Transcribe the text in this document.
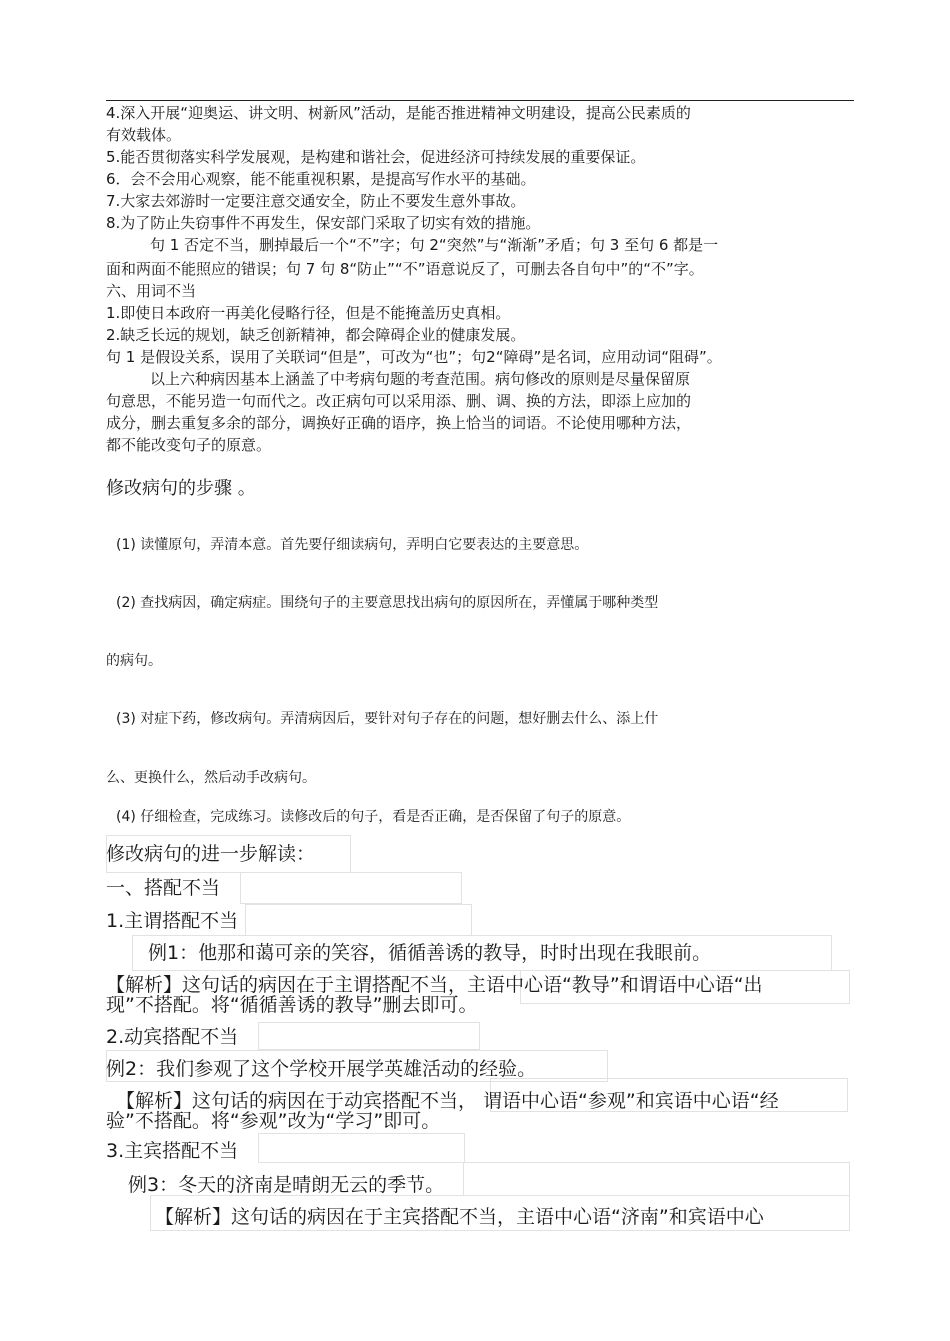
4.深入开展“迎奥运、讲文明、树新风”活动，是能否推进精神文明建设，提高公民素质的
有效载体。
5.能否贯彻落实科学发展观，是构建和谐社会，促进经济可持续发展的重要保证。
6．会不会用心观察，能不能重视积累，是提高写作水平的基础。
7.大家去郊游时一定要注意交通安全，防止不要发生意外事故。
8.为了防止失窃事件不再发生，保安部门采取了切实有效的措施。
句 1 否定不当，删掉最后一个“不”字；句 2“突然”与“渐渐”矛盾；句 3 至句 6 都是一
面和两面不能照应的错误；句 7 句 8“防止”“不”语意说反了，可删去各自句中”的“不”字。
六、用词不当
1.即使日本政府一再美化侵略行径，但是不能掩盖历史真相。
2.缺乏长远的规划，缺乏创新精神，都会障碍企业的健康发展。
句 1 是假设关系，误用了关联词“但是”，可改为“也”；句2“障碍”是名词，应用动词“阻碍”。
以上六种病因基本上涵盖了中考病句题的考查范围。病句修改的原则是尽量保留原
句意思，不能另造一句而代之。改正病句可以采用添、删、调、换的方法，即添上应加的
成分，删去重复多余的部分，调换好正确的语序，换上恰当的词语。不论使用哪种方法，
都不能改变句子的原意。
修改病句的步骤 。
(1) 读懂原句，弄清本意。首先要仔细读病句，弄明白它要表达的主要意思。
(2) 查找病因，确定病症。围绕句子的主要意思找出病句的原因所在，弄懂属于哪种类型
的病句。
(3) 对症下药，修改病句。弄清病因后，要针对句子存在的问题，想好删去什么、添上什
么、更换什么，然后动手改病句。
(4) 仔细检查，完成练习。读修改后的句子，看是否正确，是否保留了句子的原意。
修改病句的进一步解读：
一、搭配不当
1.主谓搭配不当
例1：他那和蔼可亲的笑容，循循善诱的教导，时时出现在我眼前。
【解析】这句话的病因在于主谓搭配不当，主语中心语“教导”和谓语中心语“出
现”不搭配。将“循循善诱的教导”删去即可。
2.动宾搭配不当
例2：我们参观了这个学校开展学英雄活动的经验。
【解析】这句话的病因在于动宾搭配不当， 谓语中心语“参观”和宾语中心语“经
验”不搭配。将“参观”改为“学习”即可。
3.主宾搭配不当
例3：冬天的济南是晴朗无云的季节。
【解析】这句话的病因在于主宾搭配不当，主语中心语“济南”和宾语中心
